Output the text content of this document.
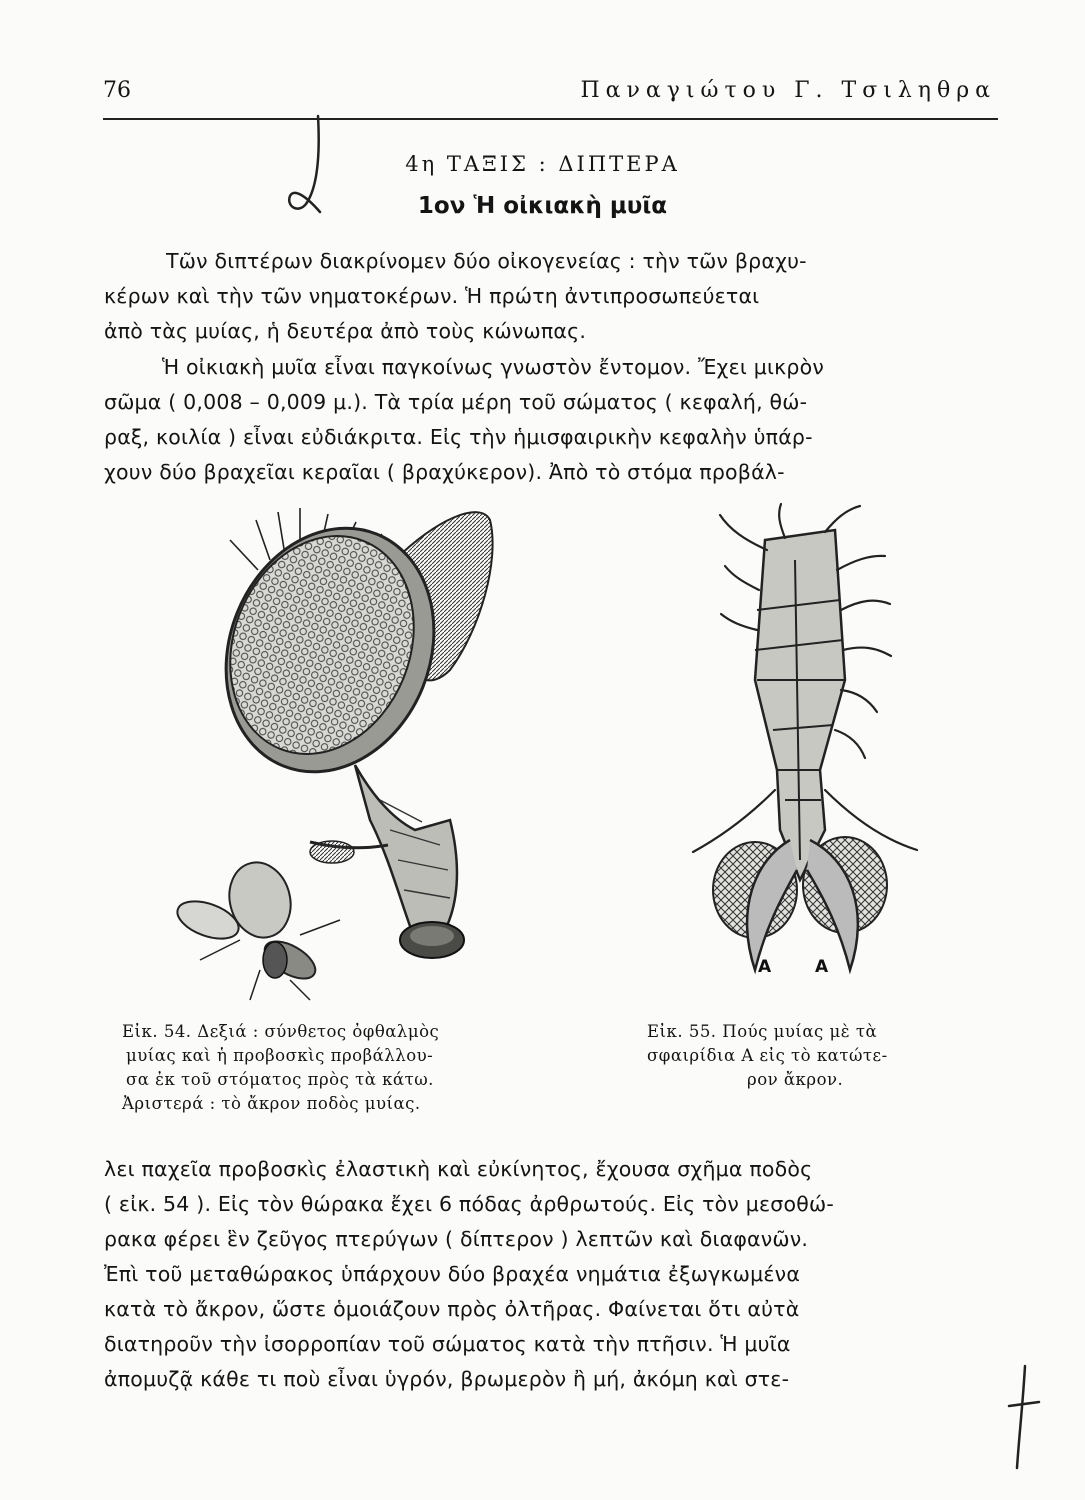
76	Παναγιώτου Γ. Τσιληθρα
4η ΤΑΞΙΣ : ΔΙΠΤΕΡΑ
1ον Ἡ οἰκιακὴ μυῖα
Τῶν διπτέρων διακρίνομεν δύο οἰκογενείας : τὴν τῶν βραχυ-
κέρων καὶ τὴν τῶν νηματοκέρων. Ἡ πρώτη ἀντιπροσωπεύεται
ἀπὸ τὰς μυίας, ἡ δευτέρα ἀπὸ τοὺς κώνωπας.
Ἡ οἰκιακὴ μυῖα εἶναι παγκοίνως γνωστὸν ἔντομον. Ἔχει μικρὸν
σῶμα ( 0,008 – 0,009 μ.). Τὰ τρία μέρη τοῦ σώματος ( κεφαλή, θώ-
ραξ, κοιλία ) εἶναι εὐδιάκριτα. Εἰς τὴν ἡμισφαιρικὴν κεφαλὴν ὑπάρ-
χουν δύο βραχεῖαι κεραῖαι ( βραχύκερον). Ἀπὸ τὸ στόμα προβάλ-
Α	Α
Εἰκ. 54. Δεξιά : σύνθετος ὀφθαλμὸς
μυίας καὶ ἡ προβοσκὶς προβάλλου-
σα ἐκ τοῦ στόματος πρὸς τὰ κάτω.
Ἀριστερά : τὸ ἄκρον ποδὸς μυίας.
Εἰκ. 55. Πούς μυίας μὲ τὰ
σφαιρίδια Α εἰς τὸ κατώτε-
ρον ἄκρον.
λει παχεῖα προβοσκὶς ἐλαστικὴ καὶ εὐκίνητος, ἔχουσα σχῆμα ποδὸς
( εἰκ. 54 ). Εἰς τὸν θώρακα ἔχει 6 πόδας ἀρθρωτούς. Εἰς τὸν μεσοθώ-
ρακα φέρει ἓν ζεῦγος πτερύγων ( δίπτερον ) λεπτῶν καὶ διαφανῶν.
Ἐπὶ τοῦ μεταθώρακος ὑπάρχουν δύο βραχέα νημάτια ἐξωγκωμένα
κατὰ τὸ ἄκρον, ὥστε ὁμοιάζουν πρὸς ὀλτῆρας. Φαίνεται ὅτι αὐτὰ
διατηροῦν τὴν ἰσορροπίαν τοῦ σώματος κατὰ τὴν πτῆσιν. Ἡ μυῖα
ἀπομυζᾷ κάθε τι ποὺ εἶναι ὑγρόν, βρωμερὸν ἢ μή, ἀκόμη καὶ στε-
